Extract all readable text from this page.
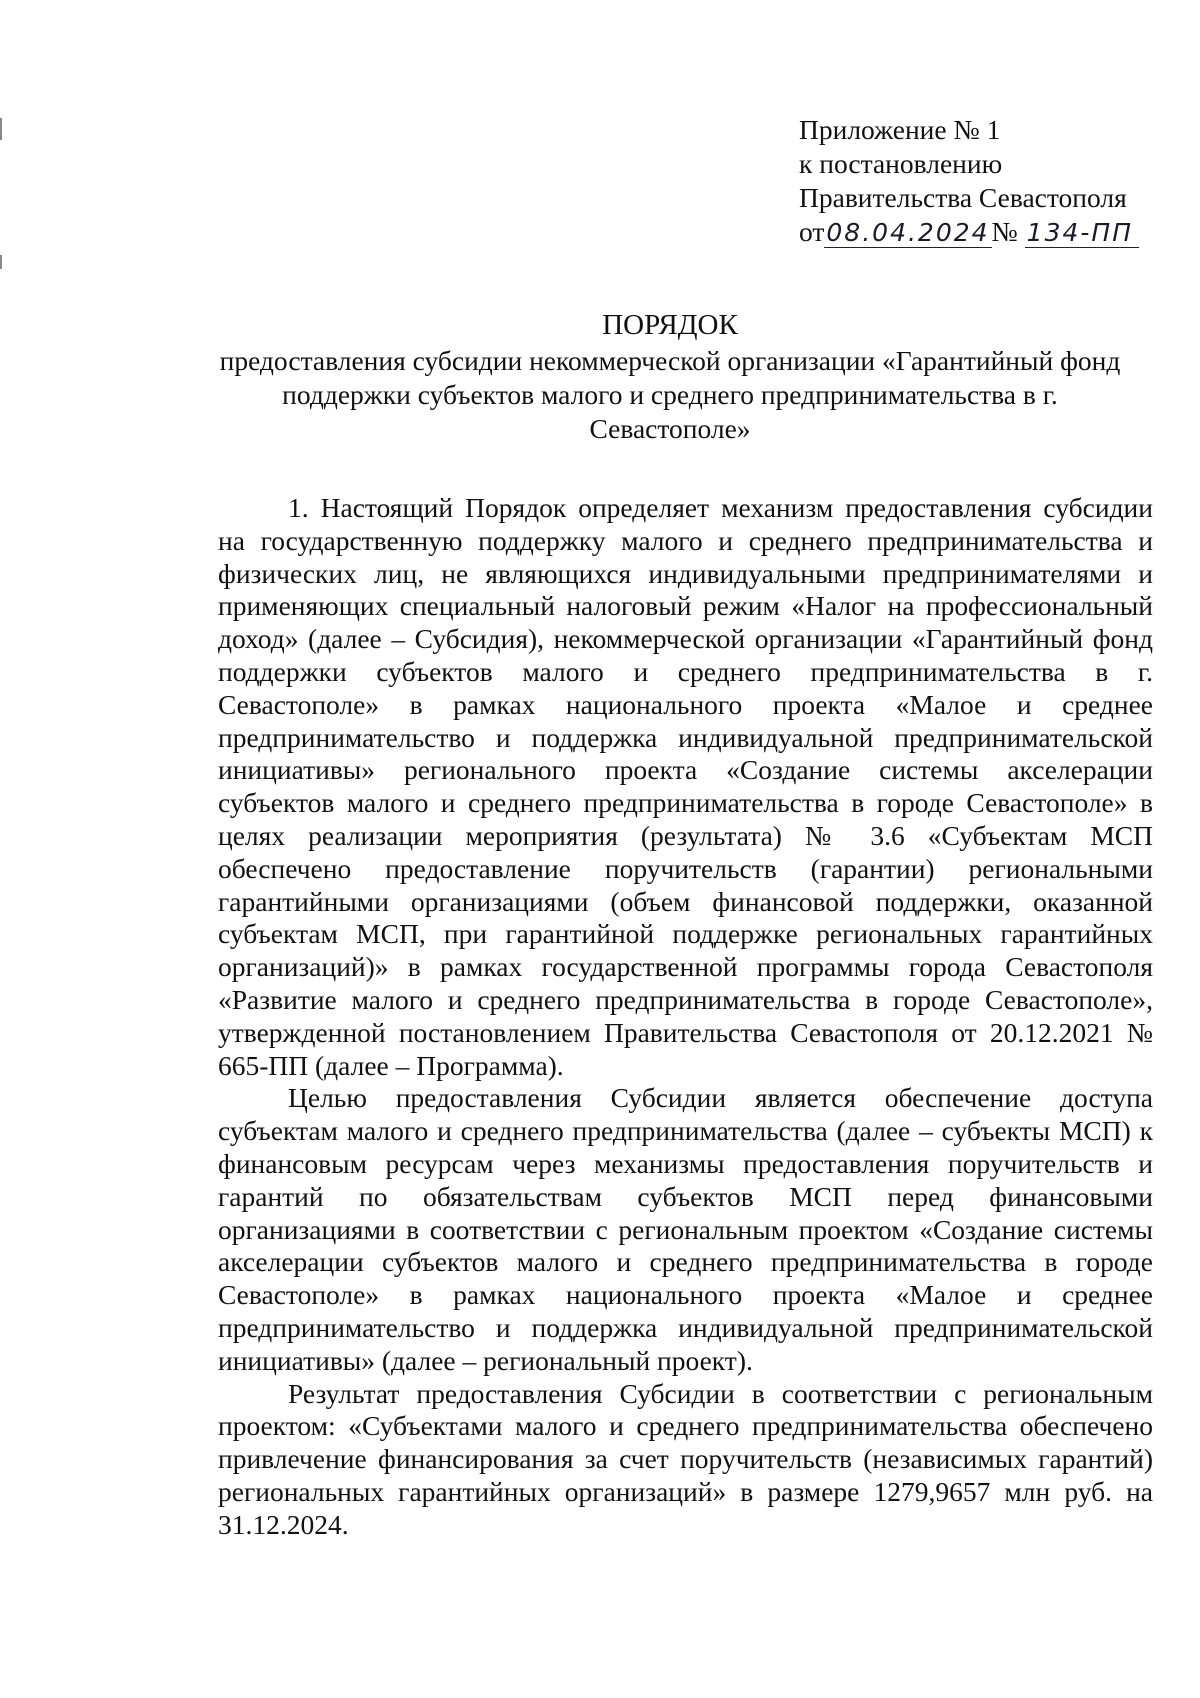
Приложение № 1
к постановлению
Правительства Севастополя
от08.04.2024№ 134-ПП
ПОРЯДОК
предоставления субсидии некоммерческой организации «Гарантийный фонд поддержки субъектов малого и среднего предпринимательства в г. Севастополе»

1. Настоящий Порядок определяет механизм предоставления субсидии на государственную поддержку малого и среднего предпринимательства и физических лиц, не являющихся индивидуальными предпринимателями и применяющих специальный налоговый режим «Налог на профессиональный доход» (далее – Субсидия), некоммерческой организации «Гарантийный фонд поддержки субъектов малого и среднего предпринимательства в г. Севастополе» в рамках национального проекта «Малое и среднее предпринимательство и поддержка индивидуальной предпринимательской инициативы» регионального проекта «Создание системы акселерации субъектов малого и среднего предпринимательства в городе Севастополе» в целях реализации мероприятия (результата) № 3.6 «Субъектам МСП обеспечено предоставление поручительств (гарантии) региональными гарантийными организациями (объем финансовой поддержки, оказанной субъектам МСП, при гарантийной поддержке региональных гарантийных организаций)» в рамках государственной программы города Севастополя «Развитие малого и среднего предпринимательства в городе Севастополе», утвержденной постановлением Правительства Севастополя от 20.12.2021 № 665-ПП (далее – Программа).

Целью предоставления Субсидии является обеспечение доступа субъектам малого и среднего предпринимательства (далее – субъекты МСП) к финансовым ресурсам через механизмы предоставления поручительств и гарантий по обязательствам субъектов МСП перед финансовыми организациями в соответствии с региональным проектом «Создание системы акселерации субъектов малого и среднего предпринимательства в городе Севастополе» в рамках национального проекта «Малое и среднее предпринимательство и поддержка индивидуальной предпринимательской инициативы» (далее – региональный проект).

Результат предоставления Субсидии в соответствии с региональным проектом: «Субъектами малого и среднего предпринимательства обеспечено привлечение финансирования за счет поручительств (независимых гарантий) региональных гарантийных организаций» в размере 1279,9657 млн руб. на 31.12.2024.
